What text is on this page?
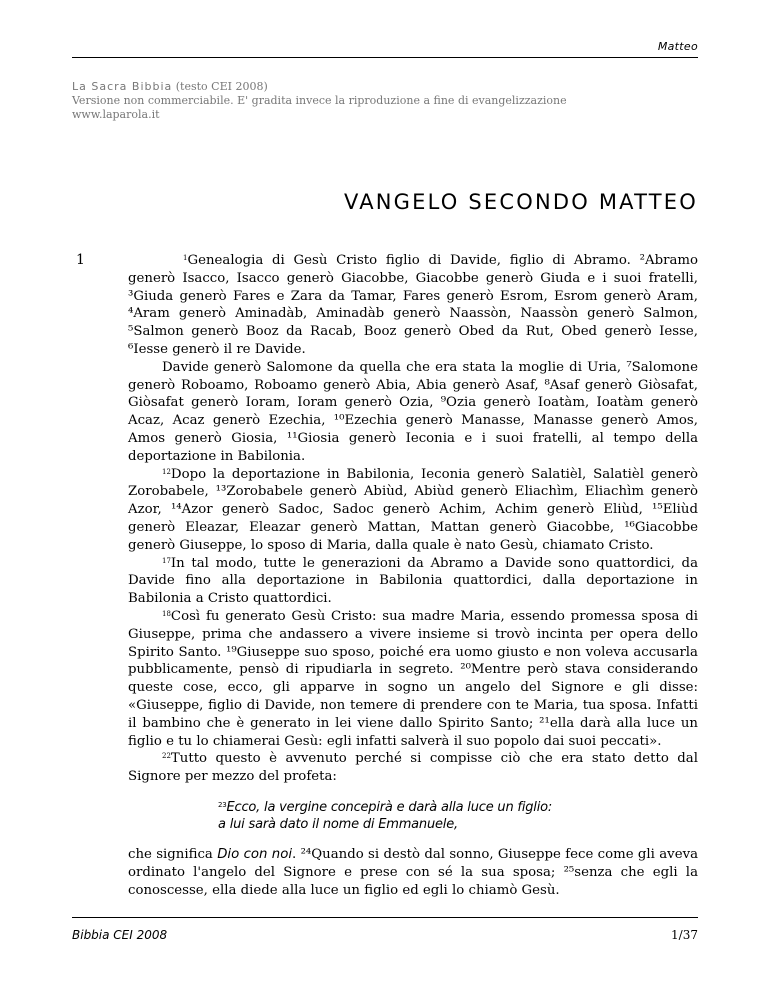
Matteo
La Sacra Bibbia (testo CEI 2008)
Versione non commerciabile. E' gradita invece la riproduzione a fine di evangelizzazione
www.laparola.it
VANGELO SECONDO MATTEO
1	$^1$Genealogia di Gesù Cristo figlio di Davide, figlio di Abramo. ²Abramo generò Isacco, Isacco generò Giacobbe, Giacobbe generò Giuda e i suoi fratelli, ³Giuda generò Fares e Zara da Tamar, Fares generò Esrom, Esrom generò Aram, ⁴Aram generò Aminadàb, Aminadàb generò Naassòn, Naassòn generò Salmon, ⁵Salmon generò Booz da Racab, Booz generò Obed da Rut, Obed generò Iesse, ⁶Iesse generò il re Davide.

Davide generò Salomone da quella che era stata la moglie di Uria, ⁷Salomone generò Roboamo, Roboamo generò Abia, Abia generò Asaf, ⁸Asaf generò Giòsafat, Giòsafat generò Ioram, Ioram generò Ozia, ⁹Ozia generò Ioatàm, Ioatàm generò Acaz, Acaz generò Ezechia, ¹⁰Ezechia generò Manasse, Manasse generò Amos, Amos generò Giosia, ¹¹Giosia generò Ieconia e i suoi fratelli, al tempo della deportazione in Babilonia.

$^{12}$Dopo la deportazione in Babilonia, Ieconia generò Salatièl, Salatièl generò Zorobabele, ¹³Zorobabele generò Abiùd, Abiùd generò Eliachìm, Eliachìm generò Azor, ¹⁴Azor generò Sadoc, Sadoc generò Achim, Achim generò Eliùd, ¹⁵Eliùd generò Eleazar, Eleazar generò Mattan, Mattan generò Giacobbe, ¹⁶Giacobbe generò Giuseppe, lo sposo di Maria, dalla quale è nato Gesù, chiamato Cristo.

$^{17}$In tal modo, tutte le generazioni da Abramo a Davide sono quattordici, da Davide fino alla deportazione in Babilonia quattordici, dalla deportazione in Babilonia a Cristo quattordici.

$^{18}$Così fu generato Gesù Cristo: sua madre Maria, essendo promessa sposa di Giuseppe, prima che andassero a vivere insieme si trovò incinta per opera dello Spirito Santo. ¹⁹Giuseppe suo sposo, poiché era uomo giusto e non voleva accusarla pubblicamente, pensò di ripudiarla in segreto. ²⁰Mentre però stava considerando queste cose, ecco, gli apparve in sogno un angelo del Signore e gli disse: «Giuseppe, figlio di Davide, non temere di prendere con te Maria, tua sposa. Infatti il bambino che è generato in lei viene dallo Spirito Santo; ²¹ella darà alla luce un figlio e tu lo chiamerai Gesù: egli infatti salverà il suo popolo dai suoi peccati».

$^{22}$Tutto questo è avvenuto perché si compisse ciò che era stato detto dal Signore per mezzo del profeta:

$^{23}$Ecco, la vergine concepirà e darà alla luce un figlio:
a lui sarà dato il nome di Emmanuele,

che significa Dio con noi. ²⁴Quando si destò dal sonno, Giuseppe fece come gli aveva ordinato l'angelo del Signore e prese con sé la sua sposa; ²⁵senza che egli la conoscesse, ella diede alla luce un figlio ed egli lo chiamò Gesù.

Bibbia CEI 2008	1/37
